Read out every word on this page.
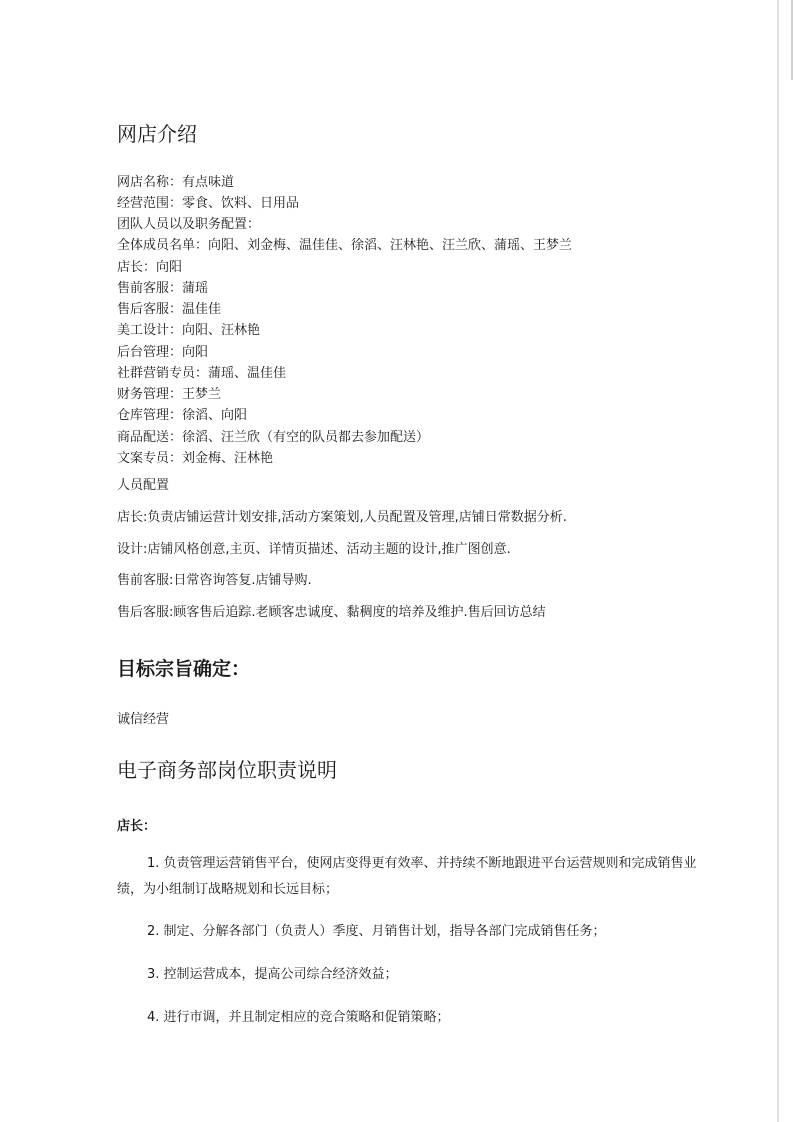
网店介绍
网店名称：有点味道
经营范围：零食、饮料、日用品
团队人员以及职务配置：
全体成员名单：向阳、刘金梅、温佳佳、徐滔、汪林艳、汪兰欣、蒲瑶、王梦兰
店长：向阳
售前客服：蒲瑶
售后客服：温佳佳
美工设计：向阳、汪林艳
后台管理：向阳
社群营销专员：蒲瑶、温佳佳
财务管理：王梦兰
仓库管理：徐滔、向阳
商品配送：徐滔、汪兰欣（有空的队员都去参加配送）
文案专员：刘金梅、汪林艳
人员配置
店长:负责店铺运营计划安排,活动方案策划,人员配置及管理,店铺日常数据分析.
设计:店铺风格创意,主页、详情页描述、活动主题的设计,推广图创意.
售前客服:日常咨询答复.店铺导购.
售后客服:顾客售后追踪.老顾客忠诚度、黏稠度的培养及维护.售后回访总结
目标宗旨确定：
诚信经营
电子商务部岗位职责说明
店长：
1. 负责管理运营销售平台，使网店变得更有效率、并持续不断地跟进平台运营规则和完成销售业绩，为小组制订战略规划和长远目标；
2. 制定、分解各部门（负责人）季度、月销售计划，指导各部门完成销售任务；
3. 控制运营成本，提高公司综合经济效益；
4. 进行市调，并且制定相应的竞合策略和促销策略；
